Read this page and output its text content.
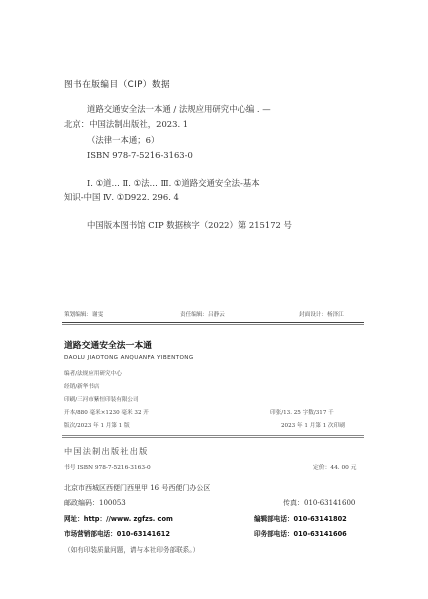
图书在版编目（CIP）数据
道路交通安全法一本通 / 法规应用研究中心编 . —
北京：中国法制出版社，2023. 1
（法律一本通；6）
ISBN 978-7-5216-3163-0
Ⅰ. ①道… Ⅱ. ①法… Ⅲ. ①道路交通安全法-基本
知识-中国 Ⅳ. ①D922. 296. 4
中国版本图书馆 CIP 数据核字（2022）第 215172 号
策划编辑：谢雯	责任编辑：吕静云	封面设计：杨泽江
道路交通安全法一本通
DAOLU JIAOTONG ANQUANFA YIBENTONG
编者/法规应用研究中心
经销/新华书店
印刷/三河市紫恒印装有限公司
开本/880 毫米×1230 毫米 32 开	印张/13. 25 字数/317 千
版次/2023 年 1 月第 1 版	2023 年 1 月第 1 次印刷
中国法制出版社出版
书号 ISBN 978-7-5216-3163-0	定价：44. 00 元
北京市西城区西便门西里甲 16 号西便门办公区
邮政编码：100053	传真：010-63141600
网址：http：//www. zgfzs. com	编辑部电话：010-63141802
市场营销部电话：010-63141612	印务部电话：010-63141606
（如有印装质量问题，请与本社印务部联系。）
